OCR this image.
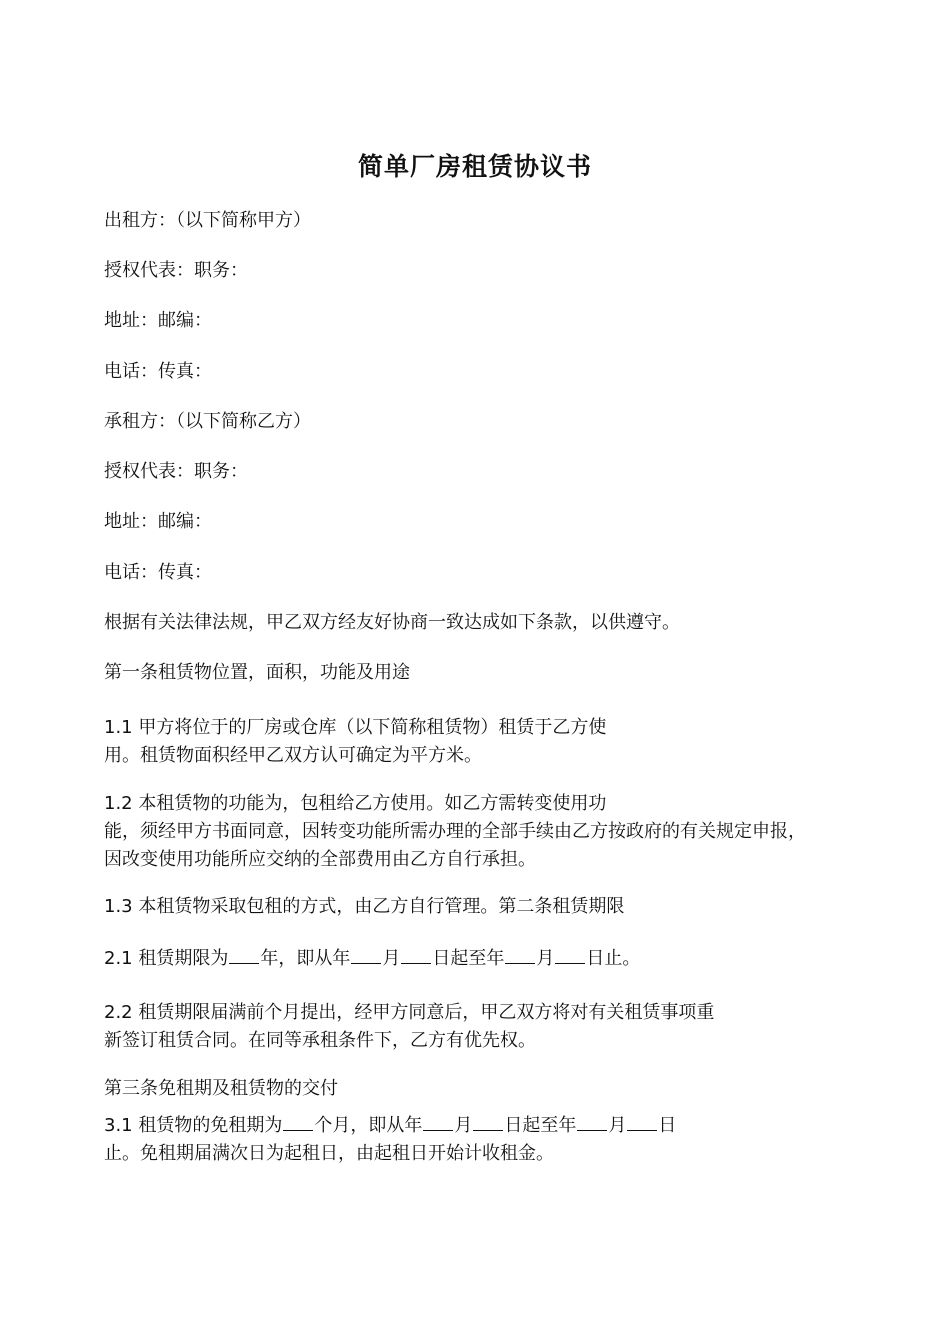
简单厂房租赁协议书
出租方：（以下简称甲方）
授权代表：职务：
地址：邮编：
电话：传真：
承租方：（以下简称乙方）
授权代表：职务：
地址：邮编：
电话：传真：
根据有关法律法规，甲乙双方经友好协商一致达成如下条款，以供遵守。
第一条租赁物位置，面积，功能及用途
1.1 甲方将位于的厂房或仓库（以下简称租赁物）租赁于乙方使
用。租赁物面积经甲乙双方认可确定为平方米。
1.2 本租赁物的功能为，包租给乙方使用。如乙方需转变使用功
能，须经甲方书面同意，因转变功能所需办理的全部手续由乙方按政府的有关规定申报，
因改变使用功能所应交纳的全部费用由乙方自行承担。
1.3 本租赁物采取包租的方式，由乙方自行管理。第二条租赁期限
2.1 租赁期限为 年，即从年 月 日起至年 月 日止。
2.2 租赁期限届满前个月提出，经甲方同意后，甲乙双方将对有关租赁事项重
新签订租赁合同。在同等承租条件下，乙方有优先权。
第三条免租期及租赁物的交付
3.1 租赁物的免租期为 个月，即从年 月 日起至年 月 日
止。免租期届满次日为起租日，由起租日开始计收租金。
